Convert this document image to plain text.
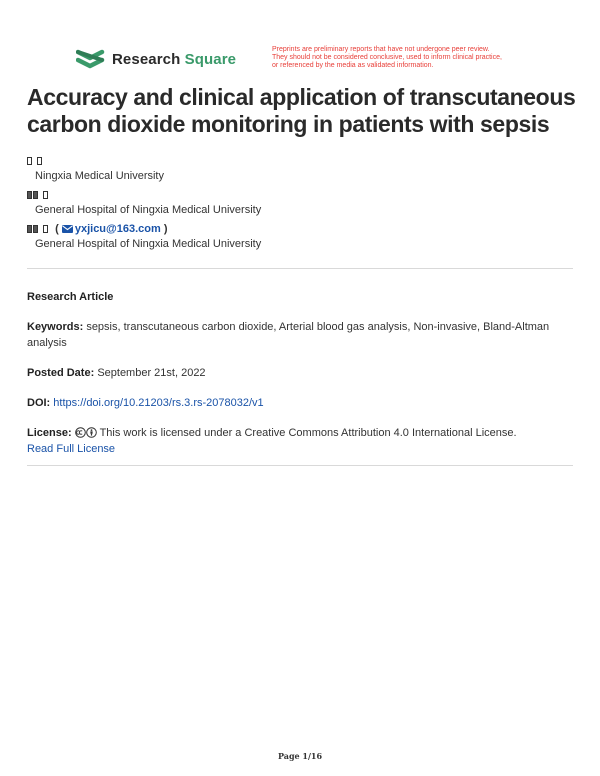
Research Square
Preprints are preliminary reports that have not undergone peer review.
They should not be considered conclusive, used to inform clinical practice,
or referenced by the media as validated information.
Accuracy and clinical application of transcutaneous carbon dioxide monitoring in patients with sepsis
Ningxia Medical University
General Hospital of Ningxia Medical University
( yxjicu@163.com )
General Hospital of Ningxia Medical University
Research Article
Keywords: sepsis, transcutaneous carbon dioxide, Arterial blood gas analysis, Non-invasive, Bland-Altman analysis
Posted Date: September 21st, 2022
DOI: https://doi.org/10.21203/rs.3.rs-2078032/v1
License:	This work is licensed under a Creative Commons Attribution 4.0 International License.
Read Full License
Page 1/16
